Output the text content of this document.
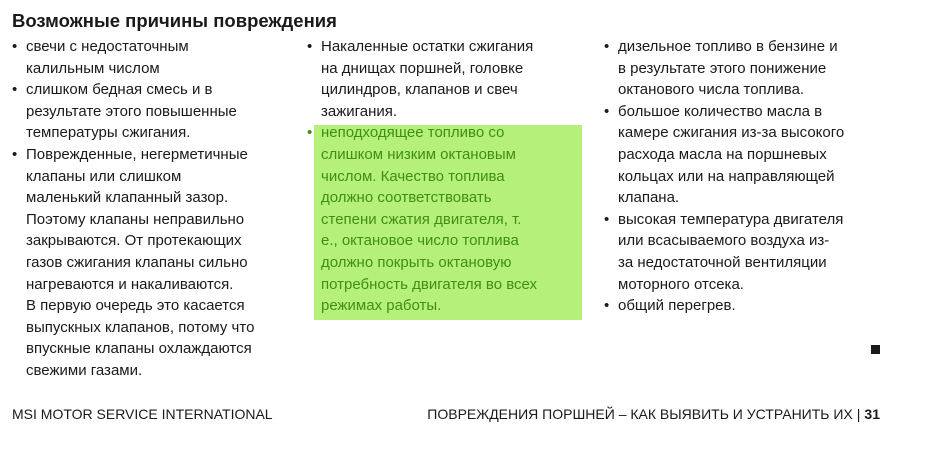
Возможные причины повреждения
• свечи с недостаточным
калильным числом
• слишком бедная смесь и в
результате этого повышенные
температуры сжигания.
• Поврежденные, негерметичные
клапаны или слишком
маленький клапанный зазор.
Поэтому клапаны неправильно
закрываются. От протекающих
газов сжигания клапаны сильно
нагреваются и накаливаются.
В первую очередь это касается
выпускных клапанов, потому что
впускные клапаны охлаждаются
свежими газами.
• Накаленные остатки сжигания
на днищах поршней, головке
цилиндров, клапанов и свеч
зажигания.
• неподходящее топливо со
слишком низким октановым
числом. Качество топлива
должно соответствовать
степени сжатия двигателя, т.
е., октановое число топлива
должно покрыть октановую
потребность двигателя во всех
режимах работы.
• дизельное топливо в бензине и
в результате этого понижение
октанового числа топлива.
• большое количество масла в
камере сжигания из-за высокого
расхода масла на поршневых
кольцах или на направляющей
клапана.
• высокая температура двигателя
или всасываемого воздуха из-
за недостаточной вентиляции
моторного отсека.
• общий перегрев.
MSI MOTOR SERVICE INTERNATIONAL	ПОВРЕЖДЕНИЯ ПОРШНЕЙ – КАК ВЫЯВИТЬ И УСТРАНИТЬ ИХ | 31
